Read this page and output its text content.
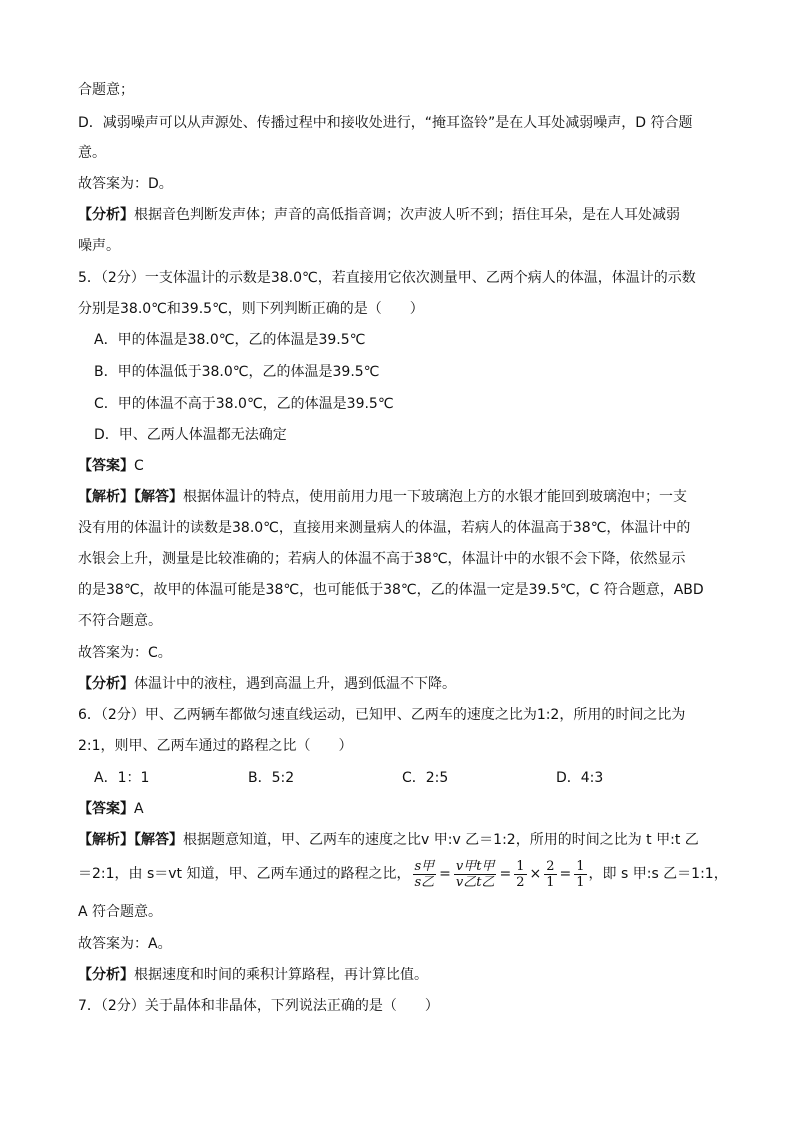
合题意；
D．减弱噪声可以从声源处、传播过程中和接收处进行，“掩耳盗铃”是在人耳处减弱噪声，D 符合题
意。
故答案为：D。
【分析】根据音色判断发声体；声音的高低指音调；次声波人听不到；捂住耳朵，是在人耳处减弱
噪声。
5．（2分）一支体温计的示数是38.0℃，若直接用它依次测量甲、乙两个病人的体温，体温计的示数
分别是38.0℃和39.5℃，则下列判断正确的是（　　）
A．甲的体温是38.0℃，乙的体温是39.5℃
B．甲的体温低于38.0℃，乙的体温是39.5℃
C．甲的体温不高于38.0℃，乙的体温是39.5℃
D．甲、乙两人体温都无法确定
【答案】C
【解析】【解答】根据体温计的特点，使用前用力甩一下玻璃泡上方的水银才能回到玻璃泡中；一支
没有用的体温计的读数是38.0℃，直接用来测量病人的体温，若病人的体温高于38℃，体温计中的
水银会上升，测量是比较准确的；若病人的体温不高于38℃，体温计中的水银不会下降，依然显示
的是38℃，故甲的体温可能是38℃，也可能低于38℃，乙的体温一定是39.5℃，C 符合题意，ABD
不符合题意。
故答案为：C。
【分析】体温计中的液柱，遇到高温上升，遇到低温不下降。
6．（2分）甲、乙两辆车都做匀速直线运动，已知甲、乙两车的速度之比为1:2，所用的时间之比为
2:1，则甲、乙两车通过的路程之比（　　）
A．1：1	B．5:2	C．2:5	D．4:3
【答案】A
【解析】【解答】根据题意知道，甲、乙两车的速度之比v 甲:v 乙＝1:2，所用的时间之比为 t 甲:t 乙
＝2:1，由 s＝vt 知道，甲、乙两车通过的路程之比， $\frac{\text{s甲}}{\text{s乙}} = \frac{\text{v甲t甲}}{\text{v乙t乙}} = \frac{1}{2} \times \frac{2}{1} = \frac{1}{1}$ ，即 s 甲:s 乙＝1:1，
A 符合题意。
故答案为：A。
【分析】根据速度和时间的乘积计算路程，再计算比值。
7．（2分）关于晶体和非晶体，下列说法正确的是（　　）
